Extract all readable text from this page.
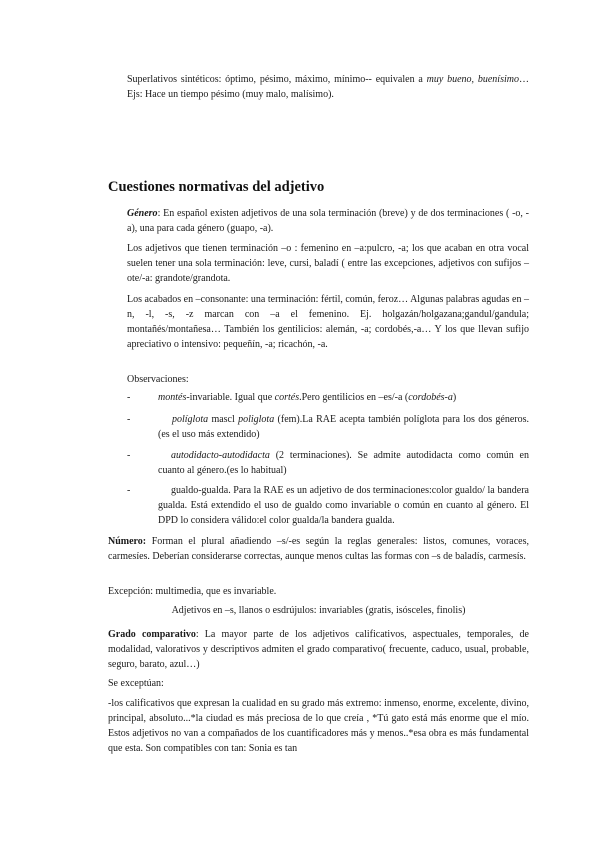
Superlativos sintéticos: óptimo, pésimo, máximo, mínimo-- equivalen a muy bueno, buenísimo… Ejs: Hace un tiempo pésimo (muy malo, malísimo).

Cuestiones normativas del adjetivo

Género: En español existen adjetivos de una sola terminación (breve) y de dos terminaciones ( -o, -a), una para cada género (guapo, -a).

Los adjetivos que tienen terminación –o : femenino en –a:pulcro, -a; los que acaban en otra vocal suelen tener una sola terminación: leve, cursi, baladí ( entre las excepciones, adjetivos con sufijos –ote/-a: grandote/grandota.

Los acabados en –consonante: una terminación: fértil, común, feroz… Algunas palabras agudas en –n, -l, -s, -z marcan con –a el femenino. Ej. holgazán/holgazana;gandul/gandula; montañés/montañesa… También los gentilicios: alemán, -a; cordobés,-a… Y los que llevan sufijo apreciativo o intensivo: pequeñín, -a; ricachón, -a.

Observaciones:

-	montés-invariable. Igual que cortés.Pero gentilicios en –es/-a (cordobés-a)

-	políglota mascl poliglota (fem).La RAE acepta también políglota para los dos géneros.(es el uso más extendido)

-	autodidacto-autodidacta (2 terminaciones). Se admite autodidacta como común en cuanto al género.(es lo habitual)

-	gualdo-gualda. Para la RAE es un adjetivo de dos terminaciones:color gualdo/ la bandera gualda. Está extendido el uso de gualdo como invariable o común en cuanto al género. El DPD lo considera válido:el color gualda/la bandera gualda.

Número: Forman el plural añadiendo –s/-es según la reglas generales: listos, comunes, voraces, carmesíes. Deberían considerarse correctas, aunque menos cultas las formas con –s de baladís, carmesís.

Excepción: multimedia, que es invariable.

Adjetivos en –s, llanos o esdrújulos: invariables (gratis, isósceles, finolis)

Grado comparativo: La mayor parte de los adjetivos calificativos, aspectuales, temporales, de modalidad, valorativos y descriptivos admiten el grado comparativo( frecuente, caduco, usual, probable, seguro, barato, azul…)

Se exceptúan:

-los calificativos que expresan la cualidad en su grado más extremo: inmenso, enorme, excelente, divino, principal, absoluto...*la ciudad es más preciosa de lo que creía , *Tú gato está más enorme que el mío. Estos adjetivos no van a compañados de los cuantificadores más y menos..*esa obra es más fundamental que esta. Son compatibles con tan: Sonia es tan
